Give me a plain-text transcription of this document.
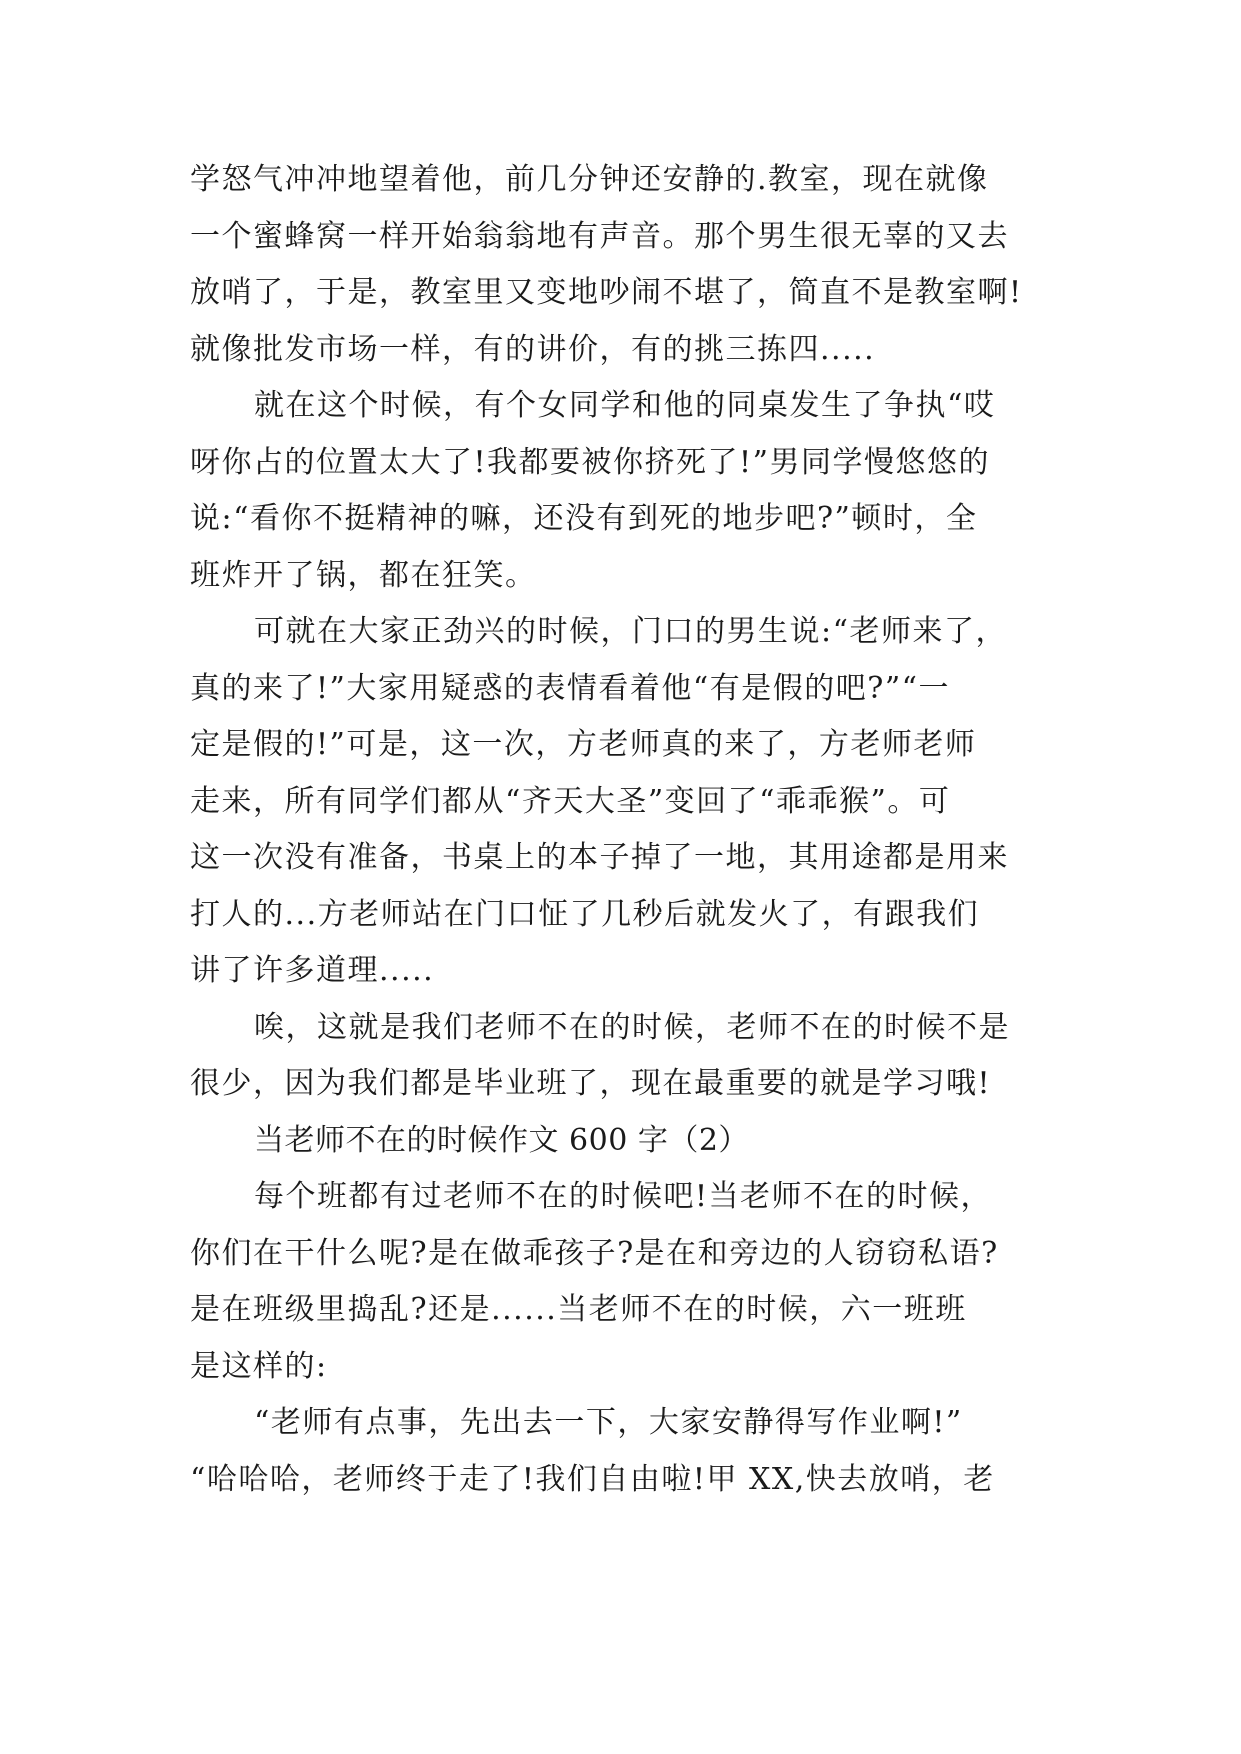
学怒气冲冲地望着他，前几分钟还安静的.教室，现在就像
一个蜜蜂窝一样开始翁翁地有声音。那个男生很无辜的又去
放哨了，于是，教室里又变地吵闹不堪了，简直不是教室啊!
就像批发市场一样，有的讲价，有的挑三拣四.....
就在这个时候，有个女同学和他的同桌发生了争执“哎
呀你占的位置太大了!我都要被你挤死了!”男同学慢悠悠的
说:“看你不挺精神的嘛，还没有到死的地步吧?”顿时，全
班炸开了锅，都在狂笑。
可就在大家正劲兴的时候，门口的男生说:“老师来了，
真的来了!”大家用疑惑的表情看着他“有是假的吧?”“一
定是假的!”可是，这一次，方老师真的来了，方老师老师
走来，所有同学们都从“齐天大圣”变回了“乖乖猴”。可
这一次没有准备，书桌上的本子掉了一地，其用途都是用来
打人的...方老师站在门口怔了几秒后就发火了，有跟我们
讲了许多道理.....
唉，这就是我们老师不在的时候，老师不在的时候不是
很少，因为我们都是毕业班了，现在最重要的就是学习哦!
当老师不在的时候作文 600 字（2）
每个班都有过老师不在的时候吧!当老师不在的时候，
你们在干什么呢?是在做乖孩子?是在和旁边的人窃窃私语?
是在班级里捣乱?还是......当老师不在的时候，六一班班
是这样的:
“老师有点事，先出去一下，大家安静得写作业啊!”
“哈哈哈，老师终于走了!我们自由啦!甲 XX,快去放哨，老
